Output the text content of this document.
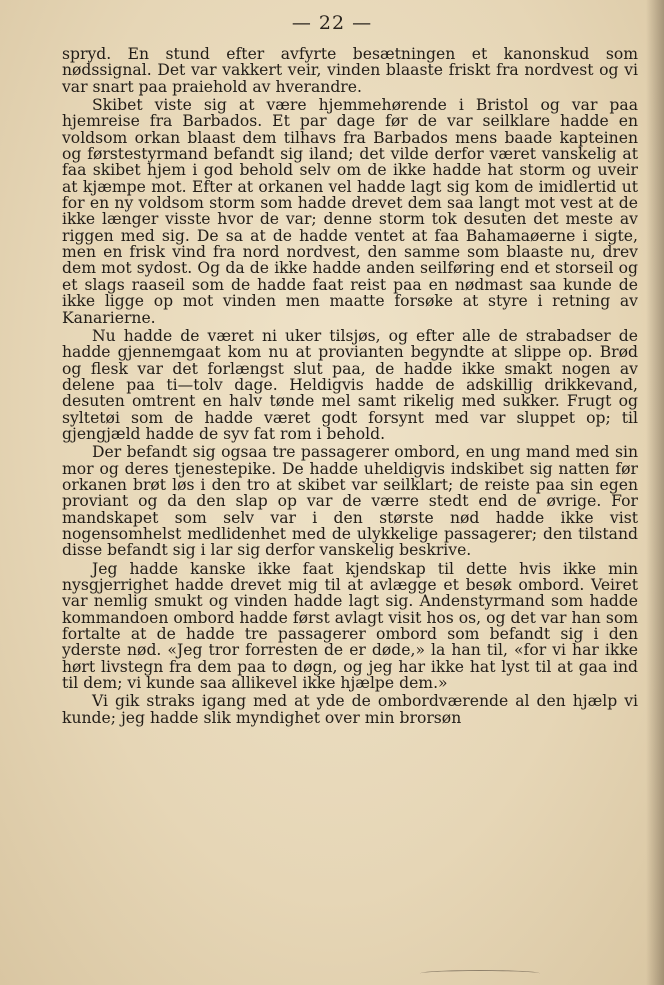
— 22 —

spryd. En stund efter avfyrte besætningen et kanonskud som nødssignal. Det var vakkert veir, vinden blaaste friskt fra nordvest og vi var snart paa praiehold av hverandre.

Skibet viste sig at være hjemmehørende i Bristol og var paa hjemreise fra Barbados. Et par dage før de var seilklare hadde en voldsom orkan blaast dem tilhavs fra Barbados mens baade kapteinen og førstestyrmand befandt sig iland; det vilde derfor været vanskelig at faa skibet hjem i god behold selv om de ikke hadde hat storm og uveir at kjæmpe mot. Efter at orkanen vel hadde lagt sig kom de imidlertid ut for en ny voldsom storm som hadde drevet dem saa langt mot vest at de ikke længer visste hvor de var; denne storm tok desuten det meste av riggen med sig. De sa at de hadde ventet at faa Bahamaøerne i sigte, men en frisk vind fra nord nordvest, den samme som blaaste nu, drev dem mot sydost. Og da de ikke hadde anden seilføring end et storseil og et slags raaseil som de hadde faat reist paa en nødmast saa kunde de ikke ligge op mot vinden men maatte forsøke at styre i retning av Kanarierne.

Nu hadde de været ni uker tilsjøs, og efter alle de strabadser de hadde gjennemgaat kom nu at provianten begyndte at slippe op. Brød og flesk var det forlængst slut paa, de hadde ikke smakt nogen av delene paa ti—tolv dage. Heldigvis hadde de adskillig drikkevand, desuten omtrent en halv tønde mel samt rikelig med sukker. Frugt og syltetøi som de hadde været godt forsynt med var sluppet op; til gjengjæld hadde de syv fat rom i behold.

Der befandt sig ogsaa tre passagerer ombord, en ung mand med sin mor og deres tjenestepike. De hadde uheldigvis indskibet sig natten før orkanen brøt løs i den tro at skibet var seilklart; de reiste paa sin egen proviant og da den slap op var de værre stedt end de øvrige. For mandskapet som selv var i den største nød hadde ikke vist nogensomhelst medlidenhet med de ulykkelige passagerer; den tilstand disse befandt sig i lar sig derfor vanskelig beskrive.

Jeg hadde kanske ikke faat kjendskap til dette hvis ikke min nysgjerrighet hadde drevet mig til at avlægge et besøk ombord. Veiret var nemlig smukt og vinden hadde lagt sig. Andenstyrmand som hadde kommandoen ombord hadde først avlagt visit hos os, og det var han som fortalte at de hadde tre passagerer ombord som befandt sig i den yderste nød. «Jeg tror forresten de er døde,» la han til, «for vi har ikke hørt livstegn fra dem paa to døgn, og jeg har ikke hat lyst til at gaa ind til dem; vi kunde saa allikevel ikke hjælpe dem.»

Vi gik straks igang med at yde de ombordværende al den hjælp vi kunde; jeg hadde slik myndighet over min brorsøn
